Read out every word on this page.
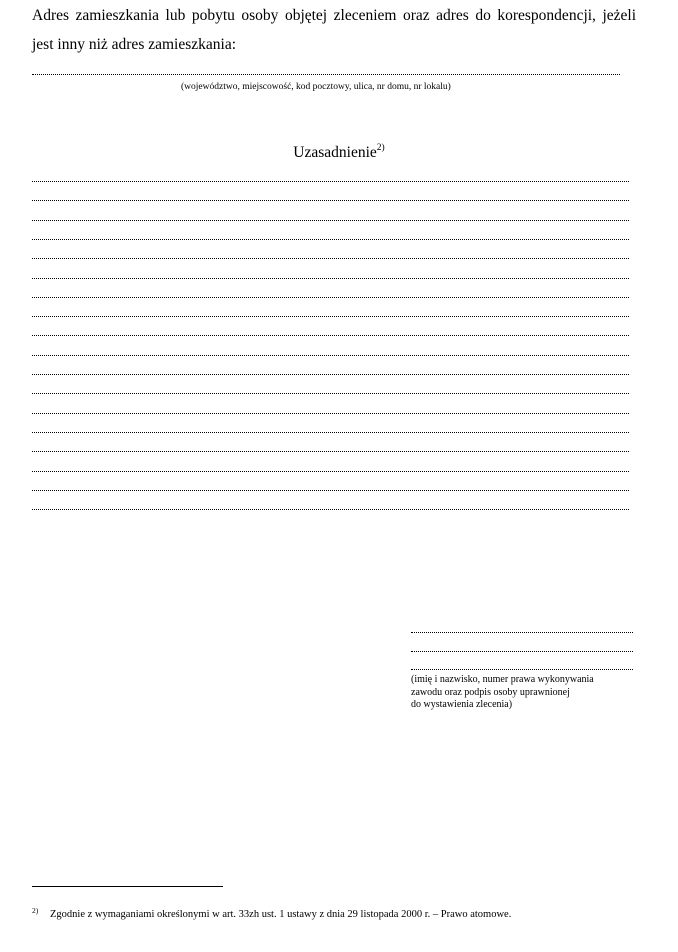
Adres zamieszkania lub pobytu osoby objętej zleceniem oraz adres do korespondencji, jeżeli
jest inny niż adres zamieszkania:
(województwo, miejscowość, kod pocztowy, ulica, nr domu, nr lokalu)
Uzasadnienie$^{2)}$
(imię i nazwisko, numer prawa wykonywania
zawodu oraz podpis osoby uprawnionej
do wystawienia zlecenia)
$^{2)}$ Zgodnie z wymaganiami określonymi w art. 33zh ust. 1 ustawy z dnia 29 listopada 2000 r. – Prawo atomowe.
